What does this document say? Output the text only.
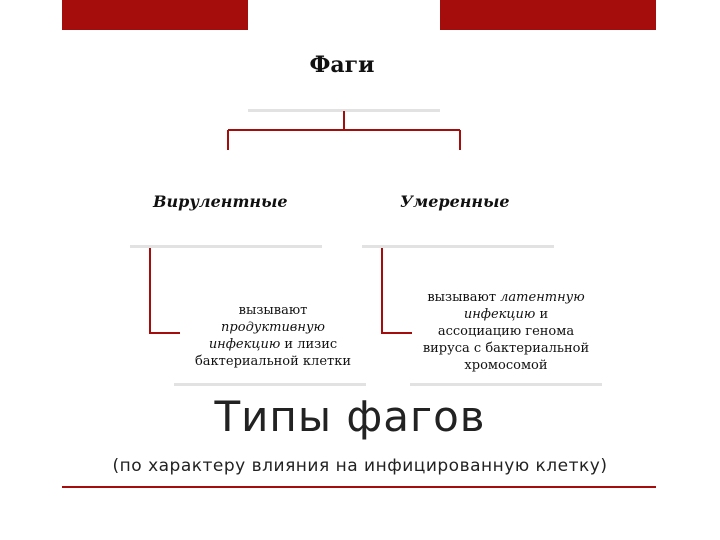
Фаги
Вирулентные	Умеренные
вызывают
продуктивную
инфекцию и лизис
бактериальной клетки
вызывают латентную
инфекцию и
ассоциацию генома
вируса с бактериальной
хромосомой
Типы фагов
(по характеру влияния на инфицированную клетку)
